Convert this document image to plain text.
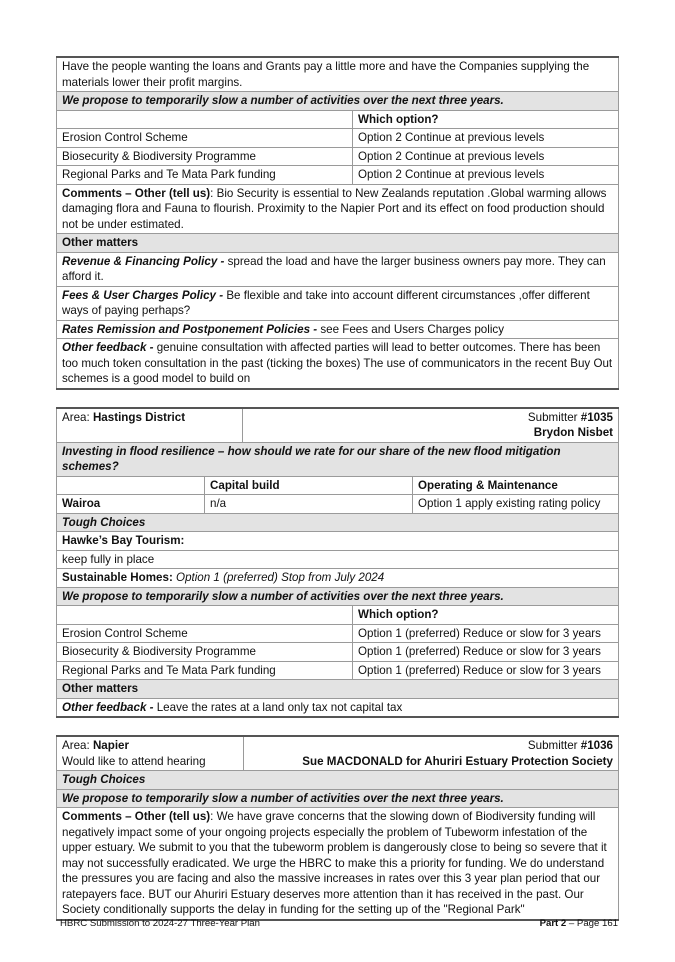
Have the people wanting the loans and Grants pay a little more and have the Companies supplying the materials lower their profit margins.	
We propose to temporarily slow a number of activities over the next three years.	
	Which option?
Erosion Control Scheme	Option 2 Continue at previous levels
Biosecurity & Biodiversity Programme	Option 2 Continue at previous levels
Regional Parks and Te Mata Park funding	Option 2 Continue at previous levels
Comments – Other (tell us): Bio Security is essential to New Zealands reputation .Global warming allows damaging flora and Fauna to flourish. Proximity to the Napier Port and its effect on food production should not be under estimated.	
Other matters	
Revenue & Financing Policy - spread the load and have the larger business owners pay more. They can afford it.	
Fees & User Charges Policy - Be flexible and take into account different circumstances ,offer different ways of paying perhaps?	
Rates Remission and Postponement Policies - see Fees and Users Charges policy	
Other feedback - genuine consultation with affected parties will lead to better outcomes. There has been too much token consultation in the past (ticking the boxes) The use of communicators in the recent Buy Out schemes is a good model to build on	
Area: Hastings District		Submitter #1035
Brydon Nisbet		
Investing in flood resilience – how should we rate for our share of the new flood mitigation schemes?				
	Capital build			Operating & Maintenance
Wairoa	n/a			Option 1 apply existing rating policy
Tough Choices				
Hawke’s Bay Tourism:				
keep fully in place				
Sustainable Homes: Option 1 (preferred) Stop from July 2024				
We propose to temporarily slow a number of activities over the next three years.				
			Which option?	
Erosion Control Scheme			Option 1 (preferred) Reduce or slow for 3 years	
Biosecurity & Biodiversity Programme			Option 1 (preferred) Reduce or slow for 3 years	
Regional Parks and Te Mata Park funding			Option 1 (preferred) Reduce or slow for 3 years	
Other matters				
Other feedback - Leave the rates at a land only tax not capital tax				
Area: Napier
Would like to attend hearing	Submitter #1036
Sue MACDONALD for Ahuriri Estuary Protection Society
Tough Choices
We propose to temporarily slow a number of activities over the next three years.
Comments – Other (tell us): We have grave concerns that the slowing down of Biodiversity funding will negatively impact some of your ongoing projects especially the problem of Tubeworm infestation of the upper estuary. We submit to you that the tubeworm problem is dangerously close to being so severe that it may not successfully eradicated. We urge the HBRC to make this a priority for funding. We do understand the pressures you are facing and also the massive increases in rates over this 3 year plan period that our ratepayers face. BUT our Ahuriri Estuary deserves more attention than it has received in the past. Our Society conditionally supports the delay in funding for the setting up of the "Regional Park"
HBRC Submission to 2024-27 Three-Year Plan	Part 2 – Page 161
